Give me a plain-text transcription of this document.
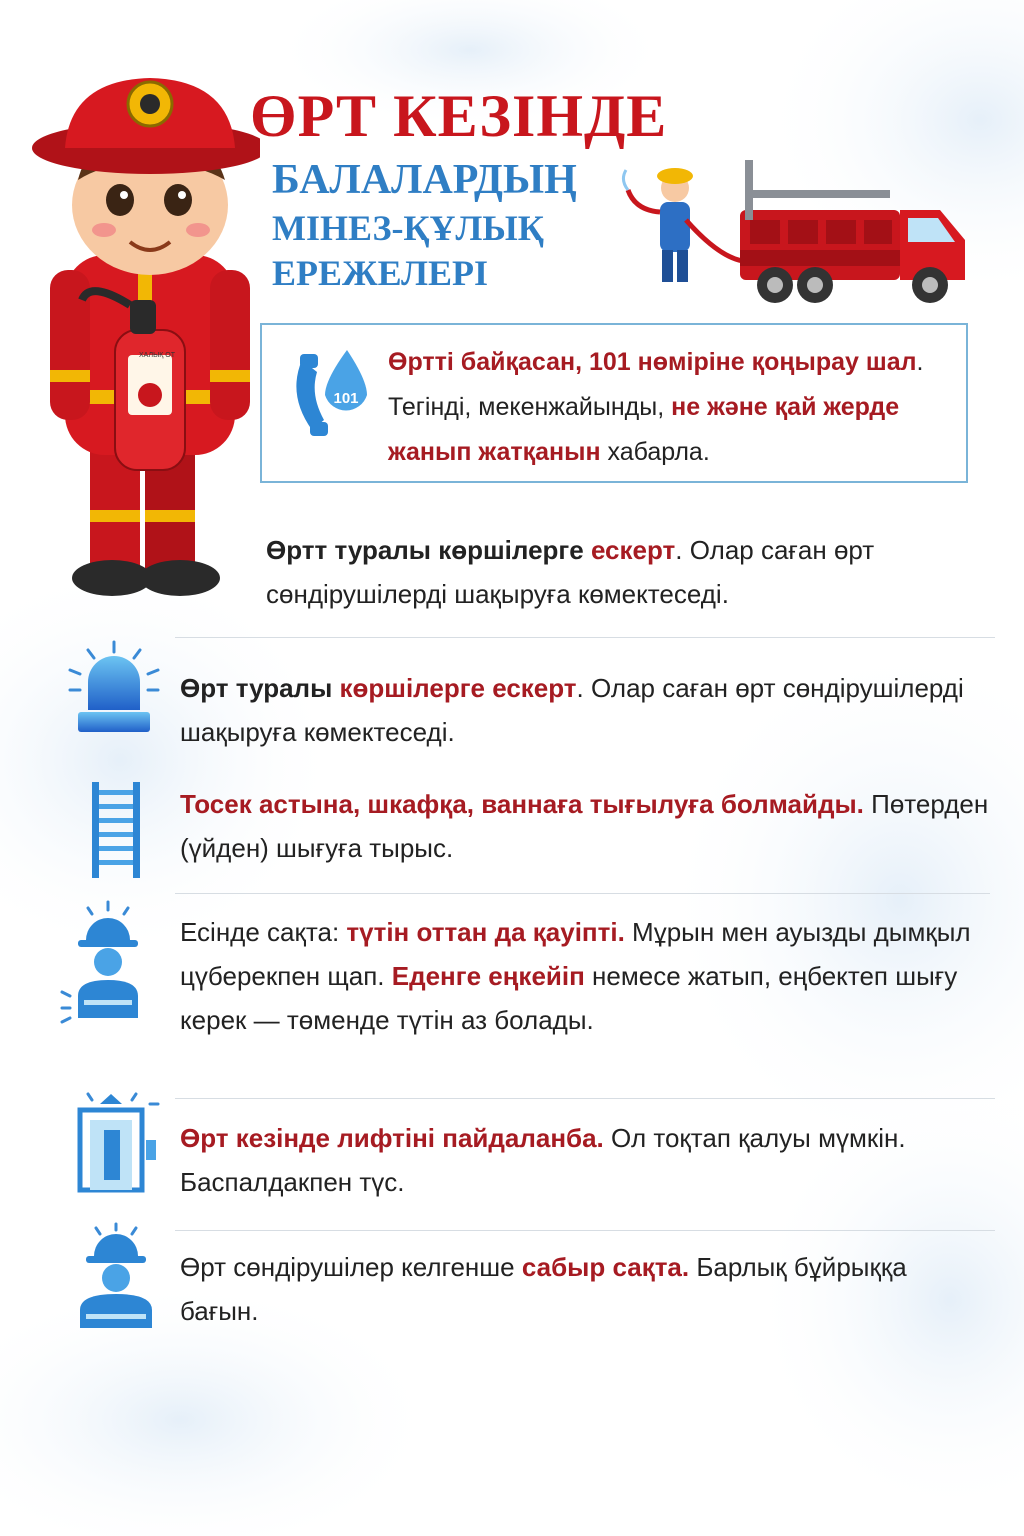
ХАЛЫҚ ОТ
ӨРТ КЕЗІНДЕ
БАЛАЛАРДЫҢ
МІНЕЗ-ҚҰЛЫҚ
ЕРЕЖЕЛЕРІ
101
Өртті байқасан, 101 нөміріне қоңырау шал. Тегінді, мекенжайынды, не және қай жерде жанып жатқанын хабарла.
Өртт туралы көршілерге ескерт. Олар саған өрт сөндірушілерді шақыруға көмектеседі.
Өрт туралы көршілерге ескерт. Олар саған өрт сөндірушілерді шақыруға көмектеседі.
Тосек астына, шкафқа, ваннаға тығылуға болмайды. Пөтерден (үйден) шығуға тырыс.
Есінде сақта: түтін оттан да қауіпті. Мұрын мен ауызды дымқыл цүберекпен щап. Еденге еңкейіп немесе жатып, еңбектеп шығу керек — төменде түтін аз болады.
Өрт кезінде лифтіні пайдаланба. Ол тоқтап қалуы мүмкін. Баспалдакпен түс.
Өрт сөндірушілер келгенше сабыр сақта. Барлық бұйрыққа бағын.
